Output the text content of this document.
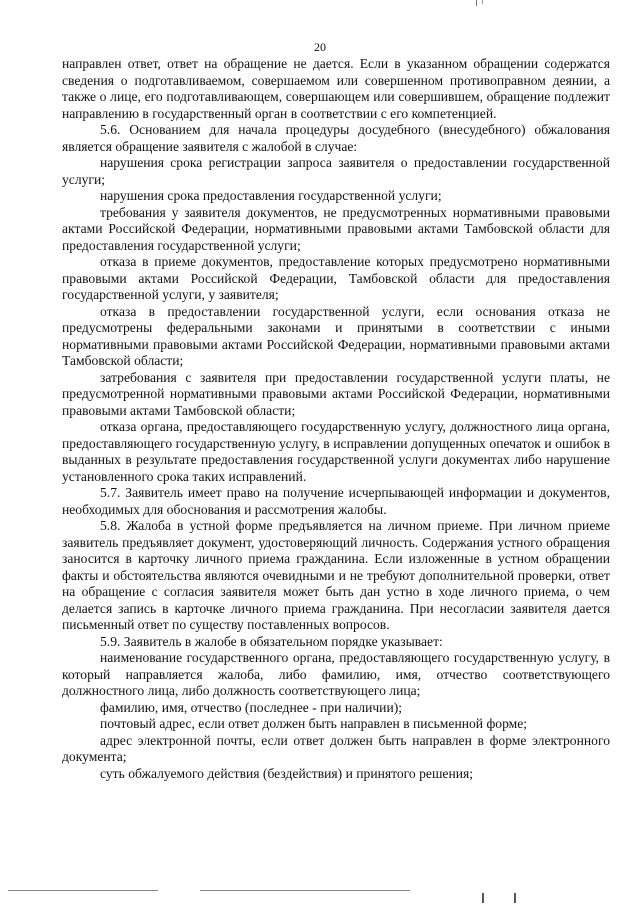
20

направлен ответ, ответ на обращение не дается. Если в указанном обращении содержатся сведения о подготавливаемом, совершаемом или совершенном противоправном деянии, а также о лице, его подготавливающем, совершающем или совершившем, обращение подлежит направлению в государственный орган в соответствии с его компетенцией.

5.6. Основанием для начала процедуры досудебного (внесудебного) обжалования является обращение заявителя с жалобой в случае:

нарушения срока регистрации запроса заявителя о предоставлении государственной услуги;

нарушения срока предоставления государственной услуги;

требования у заявителя документов, не предусмотренных нормативными правовыми актами Российской Федерации, нормативными правовыми актами Тамбовской области для предоставления государственной услуги;

отказа в приеме документов, предоставление которых предусмотрено нормативными правовыми актами Российской Федерации, Тамбовской области для предоставления государственной услуги, у заявителя;

отказа в предоставлении государственной услуги, если основания отказа не предусмотрены федеральными законами и принятыми в соответствии с иными нормативными правовыми актами Российской Федерации, нормативными правовыми актами Тамбовской области;

затребования с заявителя при предоставлении государственной услуги платы, не предусмотренной нормативными правовыми актами Российской Федерации, нормативными правовыми актами Тамбовской области;

отказа органа, предоставляющего государственную услугу, должностного лица органа, предоставляющего государственную услугу, в исправлении допущенных опечаток и ошибок в выданных в результате предоставления государственной услуги документах либо нарушение установленного срока таких исправлений.

5.7. Заявитель имеет право на получение исчерпывающей информации и документов, необходимых для обоснования и рассмотрения жалобы.

5.8. Жалоба в устной форме предъявляется на личном приеме. При личном приеме заявитель предъявляет документ, удостоверяющий личность. Содержания устного обращения заносится в карточку личного приема гражданина. Если изложенные в устном обращении факты и обстоятельства являются очевидными и не требуют дополнительной проверки, ответ на обращение с согласия заявителя может быть дан устно в ходе личного приема, о чем делается запись в карточке личного приема гражданина. При несогласии заявителя дается письменный ответ по существу поставленных вопросов.

5.9. Заявитель в жалобе в обязательном порядке указывает:

наименование государственного органа, предоставляющего государственную услугу, в который направляется жалоба, либо фамилию, имя, отчество соответствующего должностного лица, либо должность соответствующего лица;

фамилию, имя, отчество (последнее - при наличии);

почтовый адрес, если ответ должен быть направлен в письменной форме;

адрес электронной почты, если ответ должен быть направлен в форме электронного документа;

суть обжалуемого действия (бездействия) и принятого решения;
